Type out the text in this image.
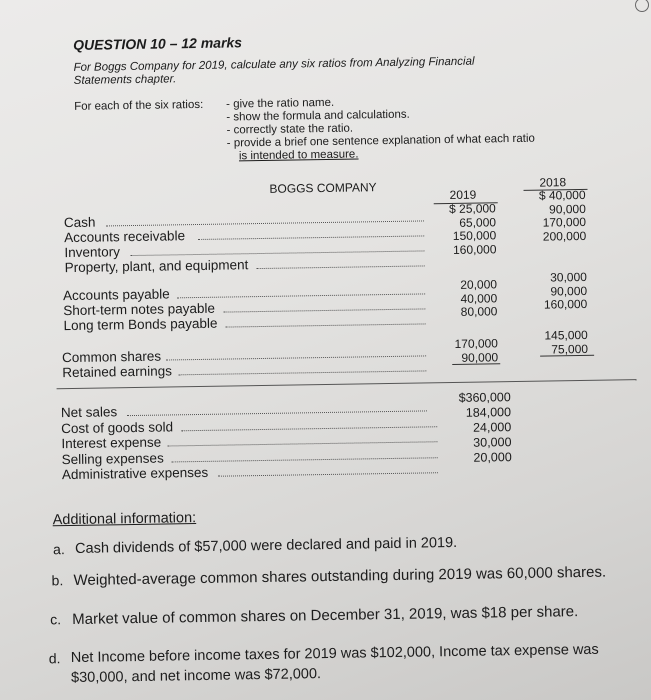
QUESTION 10 – 12 marks
For Boggs Company for 2019, calculate any six ratios from Analyzing Financial
Statements chapter.
For each of the six ratios: - give the ratio name.
- show the formula and calculations.
- correctly state the ratio.
- provide a brief one sentence explanation of what each ratio
is intended to measure.
BOGGS COMPANY	2019
2018
Cash
Accounts receivable
Inventory
Property, plant, and equipment
$ 25,000
65,000
150,000
160,000
$ 40,000
90,000
170,000
200,000
Accounts payable
Short-term notes payable
Long term Bonds payable
20,000
40,000
80,000
30,000
90,000
160,000
Common shares
Retained earnings
170,000
90,000
145,000
75,000
Net sales
Cost of goods sold
Interest expense
Selling expenses
Administrative expenses
$360,000
184,000
24,000
30,000
20,000
Additional information:
a. Cash dividends of $57,000 were declared and paid in 2019.
b. Weighted-average common shares outstanding during 2019 was 60,000 shares.
c. Market value of common shares on December 31, 2019, was $18 per share.
d. Net Income before income taxes for 2019 was $102,000, Income tax expense was
$30,000, and net income was $72,000.
